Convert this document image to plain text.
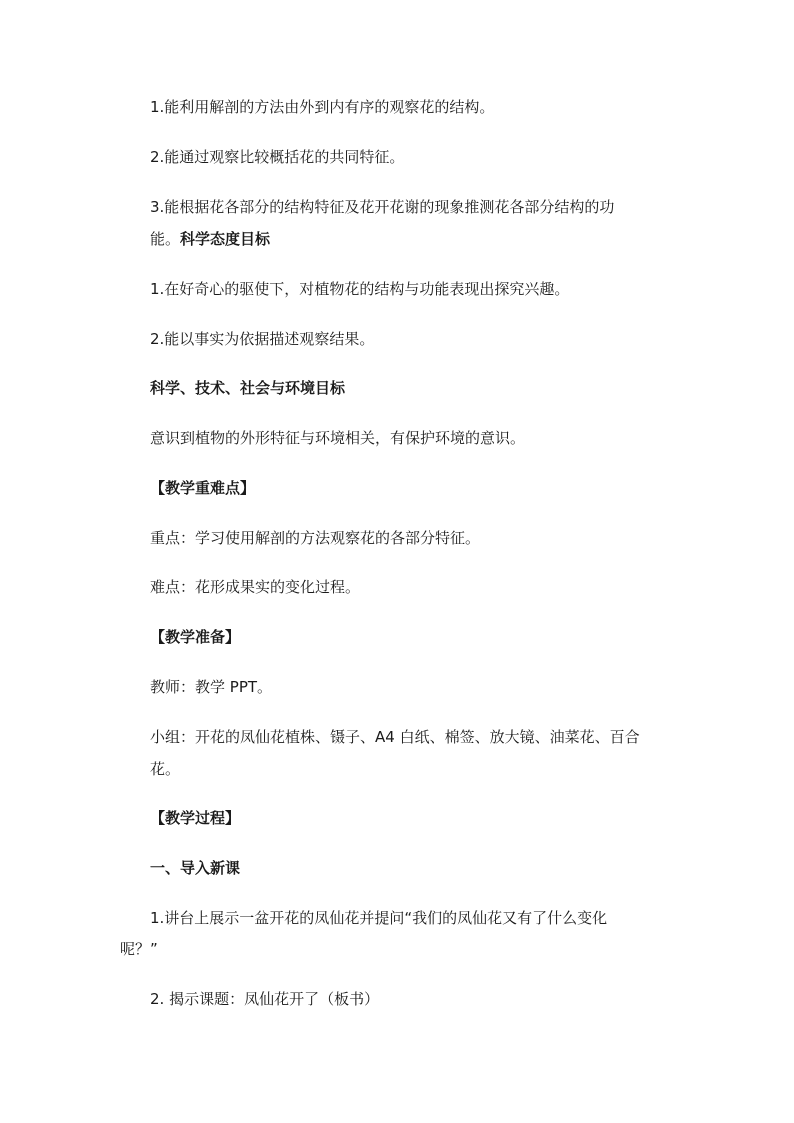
1.能利用解剖的方法由外到内有序的观察花的结构。
2.能通过观察比较概括花的共同特征。
3.能根据花各部分的结构特征及花开花谢的现象推测花各部分结构的功
能。科学态度目标
1.在好奇心的驱使下，对植物花的结构与功能表现出探究兴趣。
2.能以事实为依据描述观察结果。
科学、技术、社会与环境目标
意识到植物的外形特征与环境相关，有保护环境的意识。
【教学重难点】
重点：学习使用解剖的方法观察花的各部分特征。
难点：花形成果实的变化过程。
【教学准备】
教师：教学 PPT。
小组：开花的凤仙花植株、镊子、A4 白纸、棉签、放大镜、油菜花、百合
花。
【教学过程】
一、导入新课
1.讲台上展示一盆开花的凤仙花并提问“我们的凤仙花又有了什么变化
呢？”
2. 揭示课题：凤仙花开了（板书）
